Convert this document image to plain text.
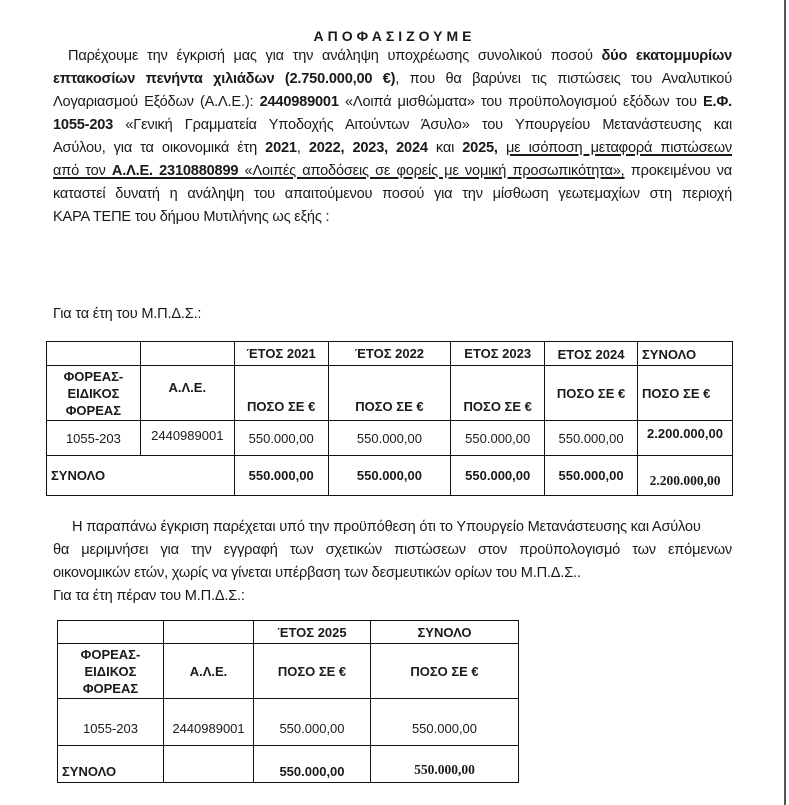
ΑΠΟΦΑΣΙΖΟΥΜΕ
Παρέχουμε την έγκρισή μας για την ανάληψη υποχρέωσης συνολικού ποσού δύο εκατομμυρίων
επτακοσίων πενήντα χιλιάδων (2.750.000,00 €), που θα βαρύνει τις πιστώσεις του Αναλυτικού
Λογαριασμού Εξόδων (Α.Λ.Ε.): 2440989001 «Λοιπά μισθώματα» του προϋπολογισμού εξόδων του Ε.Φ.
1055-203 «Γενική Γραμματεία Υποδοχής Αιτούντων Άσυλο» του Υπουργείου Μετανάστευσης και
Ασύλου, για τα οικονομικά έτη 2021, 2022, 2023, 2024 και 2025, με ισόποση μεταφορά πιστώσεων
από τον Α.Λ.Ε. 2310880899 «Λοιπές αποδόσεις σε φορείς με νομική προσωπικότητα», προκειμένου να
καταστεί δυνατή η ανάληψη του απαιτούμενου ποσού για την μίσθωση γεωτεμαχίων στη περιοχή
ΚΑΡΑ ΤΕΠΕ του δήμου Μυτιλήνης ως εξής :
Για τα έτη του Μ.Π.Δ.Σ.:
		ΈΤΟΣ 2021	ΈΤΟΣ 2022	ΕΤΟΣ 2023	ΕΤΟΣ 2024	ΣΥΝΟΛΟ
ΦΟΡΕΑΣ-
ΕΙΔΙΚΟΣ
ΦΟΡΕΑΣ	Α.Λ.Ε.	ΠΟΣΟ ΣΕ €	ΠΟΣΟ ΣΕ €	ΠΟΣΟ ΣΕ €	ΠΟΣΟ ΣΕ €	ΠΟΣΟ ΣΕ €
1055-203	2440989001	550.000,00	550.000,00	550.000,00	550.000,00	2.200.000,00
ΣΥΝΟΛΟ		550.000,00	550.000,00	550.000,00	550.000,00	2.200.000,00
Η παραπάνω έγκριση παρέχεται υπό την προϋπόθεση ότι το Υπουργείο Μετανάστευσης και Ασύλου
θα μεριμνήσει για την εγγραφή των σχετικών πιστώσεων στον προϋπολογισμό των επόμενων
οικονομικών ετών, χωρίς να γίνεται υπέρβαση των δεσμευτικών ορίων του Μ.Π.Δ.Σ..
Για τα έτη πέραν του Μ.Π.Δ.Σ.:
		ΈΤΟΣ 2025	ΣΥΝΟΛΟ
ΦΟΡΕΑΣ-
ΕΙΔΙΚΟΣ
ΦΟΡΕΑΣ	Α.Λ.Ε.	ΠΟΣΟ ΣΕ €	ΠΟΣΟ ΣΕ €
1055-203	2440989001	550.000,00	550.000,00
ΣΥΝΟΛΟ		550.000,00	550.000,00
